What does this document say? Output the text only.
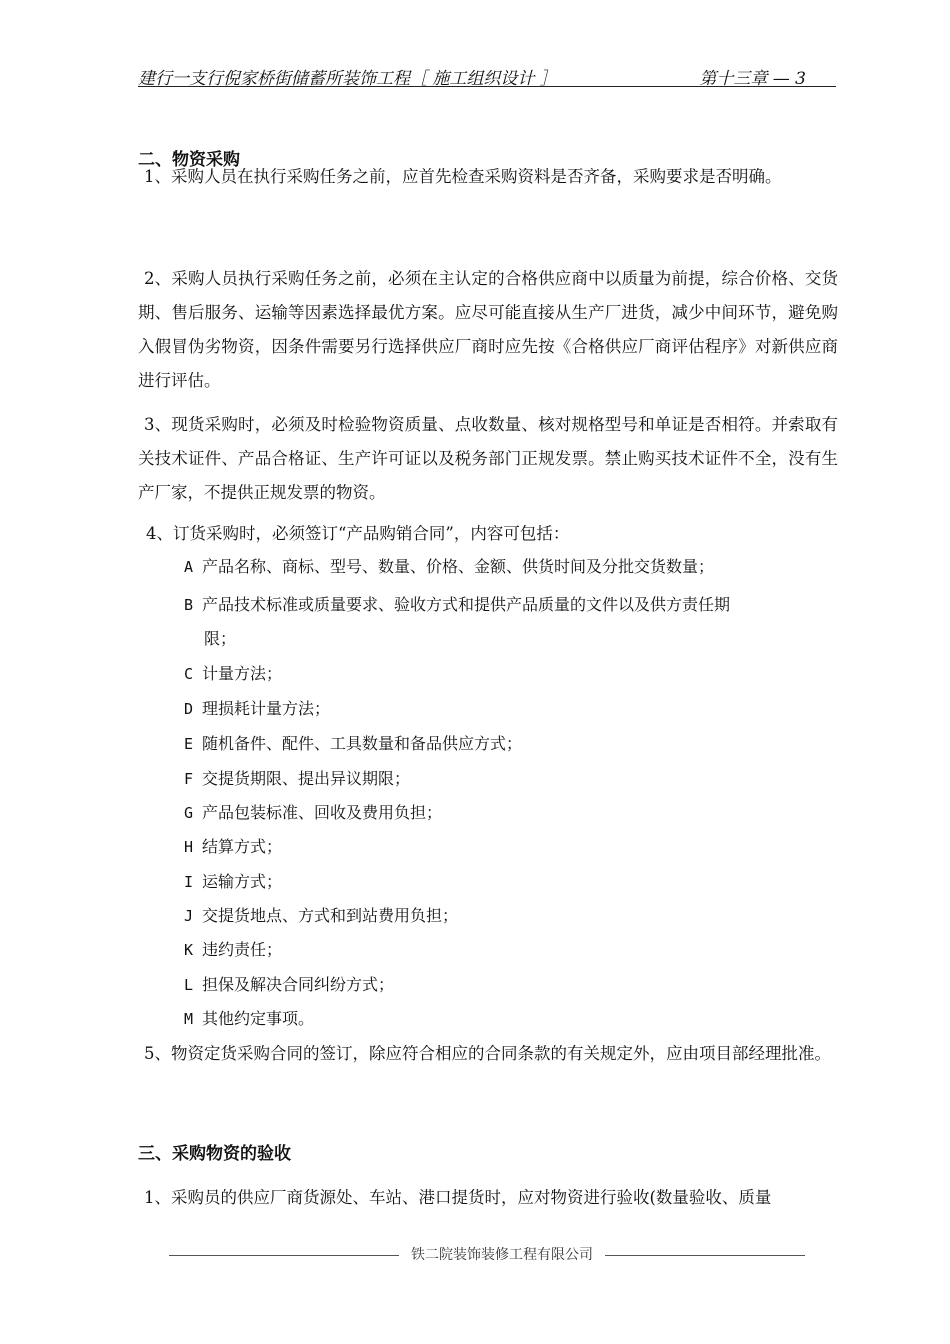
建行一支行倪家桥街储蓄所装饰工程［ 施工组织设计 ］	第十三章 — 3
二、物资采购
1、采购人员在执行采购任务之前，应首先检查采购资料是否齐备，采购要求是否明确。
2、采购人员执行采购任务之前，必须在主认定的合格供应商中以质量为前提，综合价格、交货期、售后服务、运输等因素选择最优方案。应尽可能直接从生产厂进货，减少中间环节，避免购入假冒伪劣物资，因条件需要另行选择供应厂商时应先按《合格供应厂商评估程序》对新供应商进行评估。
3、现货采购时，必须及时检验物资质量、点收数量、核对规格型号和单证是否相符。并索取有关技术证件、产品合格证、生产许可证以及税务部门正规发票。禁止购买技术证件不全，没有生产厂家，不提供正规发票的物资。
4、订货采购时，必须签订“产品购销合同”，内容可包括：
A 产品名称、商标、型号、数量、价格、金额、供货时间及分批交货数量；
B 产品技术标准或质量要求、验收方式和提供产品质量的文件以及供方责任期
限；
C 计量方法；
D 理损耗计量方法；
E 随机备件、配件、工具数量和备品供应方式；
F 交提货期限、提出异议期限；
G 产品包装标准、回收及费用负担；
H 结算方式；
I 运输方式；
J 交提货地点、方式和到站费用负担；
K 违约责任；
L 担保及解决合同纠纷方式；
M 其他约定事项。
5、物资定货采购合同的签订，除应符合相应的合同条款的有关规定外，应由项目部经理批准。
三、采购物资的验收
1、采购员的供应厂商货源处、车站、港口提货时，应对物资进行验收(数量验收、质量
铁二院装饰装修工程有限公司
